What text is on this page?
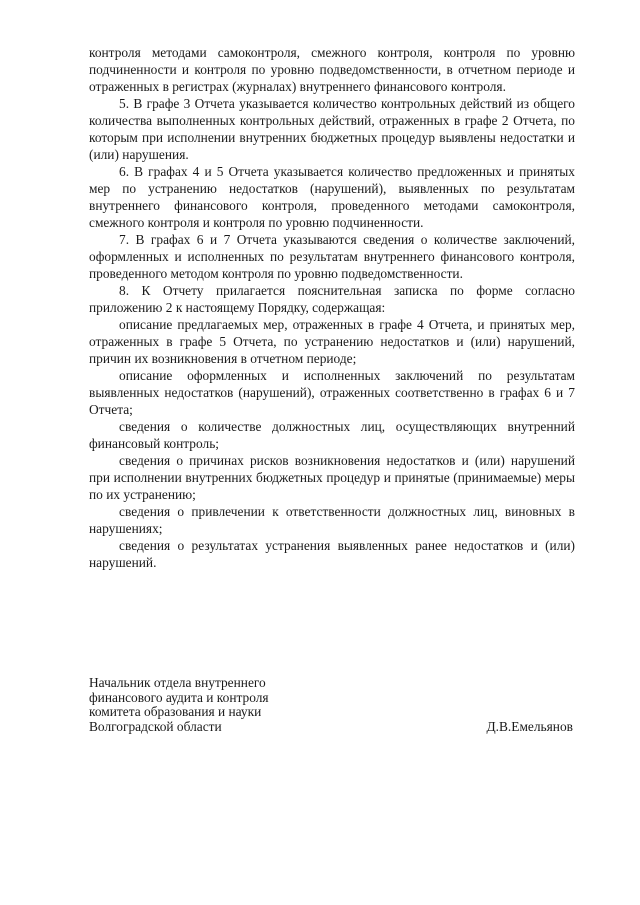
контроля методами самоконтроля, смежного контроля, контроля по уровню подчиненности и контроля по уровню подведомственности, в отчетном периоде и отраженных в регистрах (журналах) внутреннего финансового контроля.

5. В графе 3 Отчета указывается количество контрольных действий из общего количества выполненных контрольных действий, отраженных в графе 2 Отчета, по которым при исполнении внутренних бюджетных процедур выявлены недостатки и (или) нарушения.

6. В графах 4 и 5 Отчета указывается количество предложенных и принятых мер по устранению недостатков (нарушений), выявленных по результатам внутреннего финансового контроля, проведенного методами самоконтроля, смежного контроля и контроля по уровню подчиненности.

7. В графах 6 и 7 Отчета указываются сведения о количестве заключений, оформленных и исполненных по результатам внутреннего финансового контроля, проведенного методом контроля по уровню подведомственности.

8. К Отчету прилагается пояснительная записка по форме согласно приложению 2 к настоящему Порядку, содержащая:

описание предлагаемых мер, отраженных в графе 4 Отчета, и принятых мер, отраженных в графе 5 Отчета, по устранению недостатков и (или) нарушений, причин их возникновения в отчетном периоде;

описание оформленных и исполненных заключений по результатам выявленных недостатков (нарушений), отраженных соответственно в графах 6 и 7 Отчета;

сведения о количестве должностных лиц, осуществляющих внутренний финансовый контроль;

сведения о причинах рисков возникновения недостатков и (или) нарушений при исполнении внутренних бюджетных процедур и принятые (принимаемые) меры по их устранению;

сведения о привлечении к ответственности должностных лиц, виновных в нарушениях;

сведения о результатах устранения выявленных ранее недостатков и (или) нарушений.

Начальник отдела внутреннего
финансового аудита и контроля
комитета образования и науки
Волгоградской области	Д.В.Емельянов
